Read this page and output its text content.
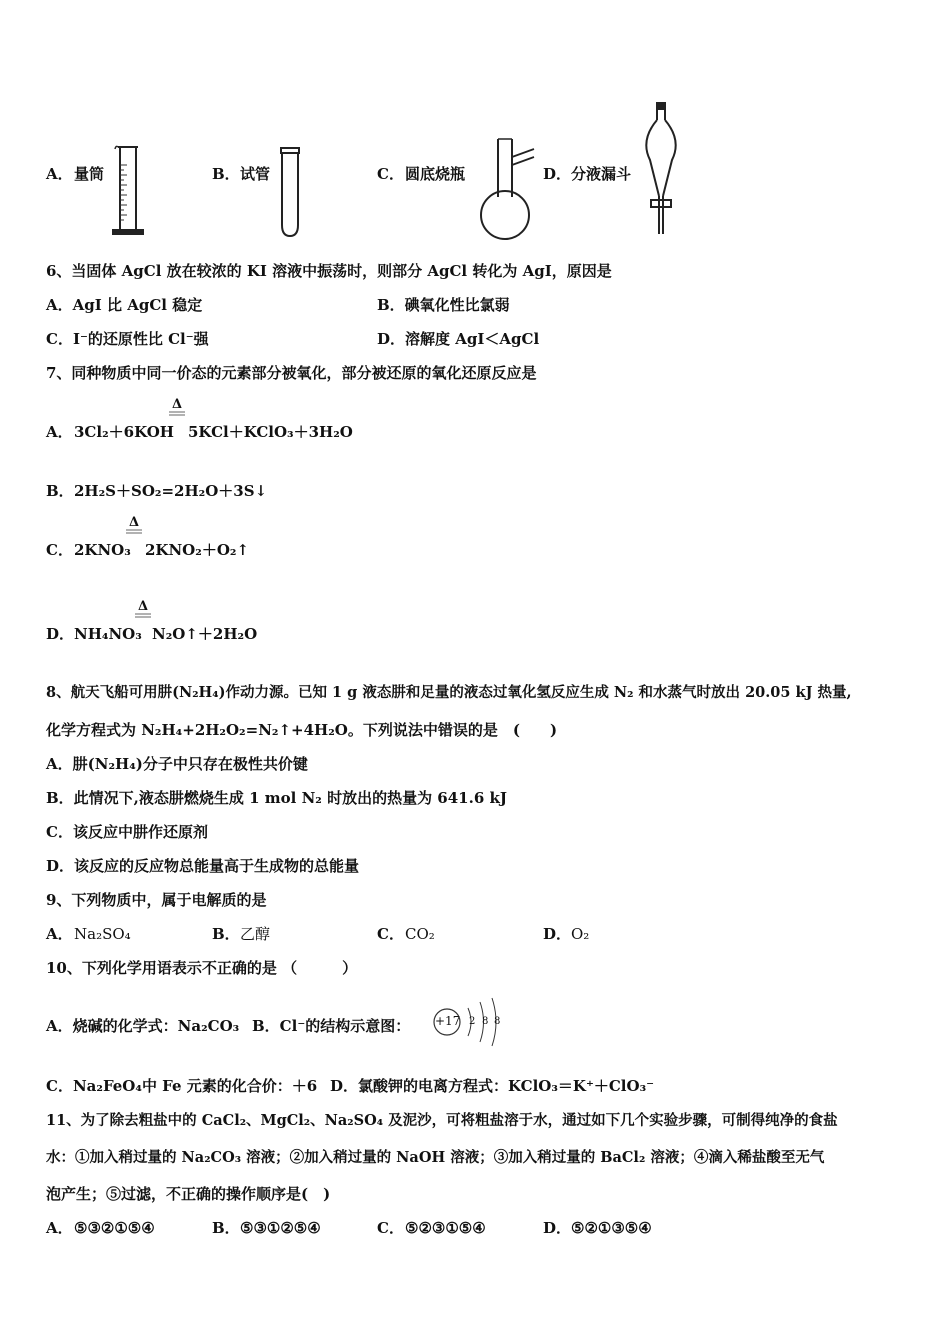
A． 量筒	B． 试管	C． 圆底烧瓶	D． 分液漏斗
6、当固体 AgCl 放在较浓的 KI 溶液中振荡时，则部分 AgCl 转化为 AgI，原因是
A．AgI 比 AgCl 稳定	B．碘氧化性比氯弱
C．I⁻的还原性比 Cl⁻强	D．溶解度 AgI＜AgCl
7、同种物质中同一价态的元素部分被氧化，部分被还原的氧化还原反应是
A． 3Cl₂＋6KOH
Δ
5KCl＋KClO₃＋3H₂O
B． 2H₂S＋SO₂=2H₂O＋3S↓
C． 2KNO₃
Δ
2KNO₂＋O₂↑
D． NH₄NO₃
Δ
N₂O↑＋2H₂O
8、航天飞船可用肼(N₂H₄)作动力源。已知 1 g 液态肼和足量的液态过氧化氢反应生成 N₂ 和水蒸气时放出 20.05 kJ 热量,
化学方程式为 N₂H₄+2H₂O₂=N₂↑+4H₂O。下列说法中错误的是　(　　)
A．肼(N₂H₄)分子中只存在极性共价键
B．此情况下,液态肼燃烧生成 1 mol N₂ 时放出的热量为 641.6 kJ
C．该反应中肼作还原剂
D．该反应的反应物总能量高于生成物的总能量
9、下列物质中，属于电解质的是
A． Na₂SO₄	B． 乙醇	C． CO₂	D． O₂
10、下列化学用语表示不正确的是 （　　　）
A．烧碱的化学式：Na₂CO₃ B．Cl⁻的结构示意图： +17 2 8 8
C．Na₂FeO₄中 Fe 元素的化合价：＋6 D．氯酸钾的电离方程式：KClO₃＝K⁺＋ClO₃⁻
11、为了除去粗盐中的 CaCl₂、MgCl₂、Na₂SO₄ 及泥沙，可将粗盐溶于水，通过如下几个实验步骤，可制得纯净的食盐
水：①加入稍过量的 Na₂CO₃ 溶液；②加入稍过量的 NaOH 溶液；③加入稍过量的 BaCl₂ 溶液；④滴入稀盐酸至无气
泡产生；⑤过滤，不正确的操作顺序是(　)
A． ⑤③②①⑤④	B． ⑤③①②⑤④	C． ⑤②③①⑤④	D． ⑤②①③⑤④
